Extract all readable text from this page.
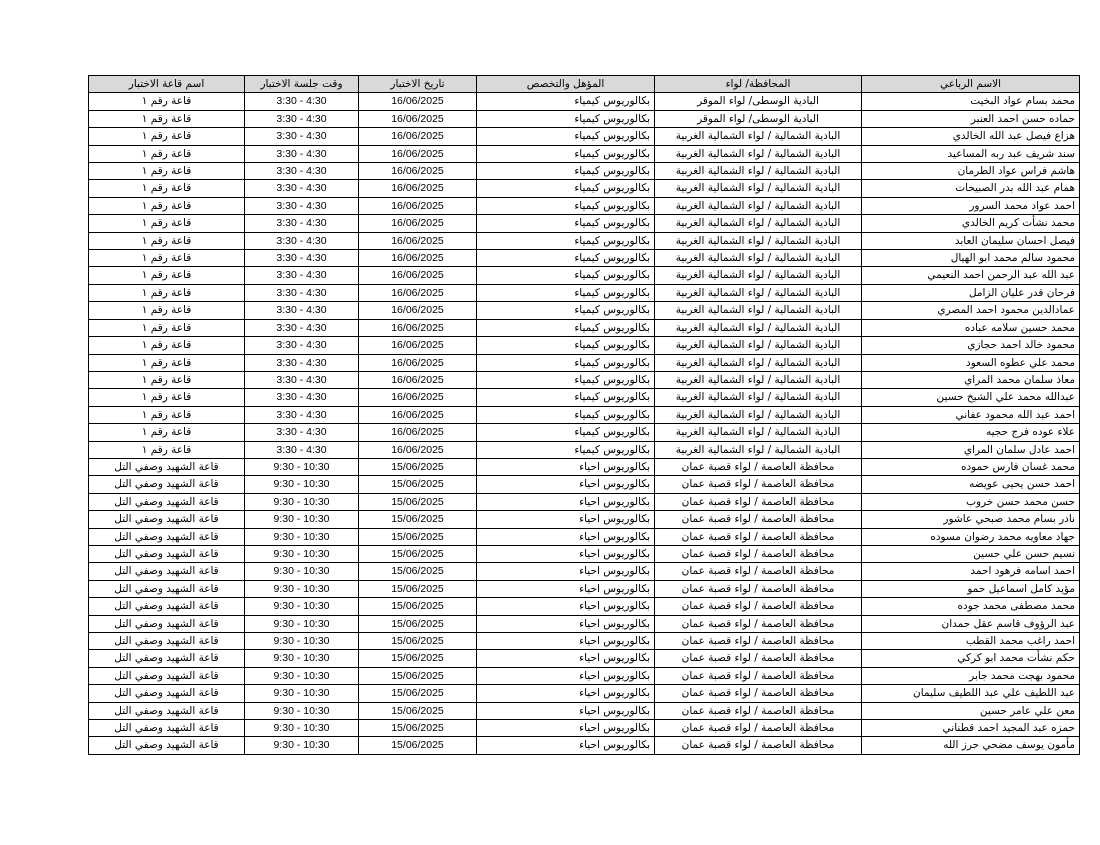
الاسم الرباعي	المحافظة/ لواء	المؤهل والتخصص	تاريخ الاختبار	وقت جلسة الاختبار	اسم قاعة الاختبار
محمد بسام عواد البخيت	البادية الوسطى/ لواء الموقر	بكالوريوس كيمياء	16/06/2025	3:30 - 4:30	قاعة رقم ١
حماده حسن احمد العنبر	البادية الوسطى/ لواء الموقر	بكالوريوس كيمياء	16/06/2025	3:30 - 4:30	قاعة رقم ١
هزاع فيصل عبد الله الخالدي	البادية الشمالية / لواء الشمالية الغربية	بكالوريوس كيمياء	16/06/2025	3:30 - 4:30	قاعة رقم ١
سند شريف عبد ربه المساعيد	البادية الشمالية / لواء الشمالية الغربية	بكالوريوس كيمياء	16/06/2025	3:30 - 4:30	قاعة رقم ١
هاشم فراس عواد الطرمان	البادية الشمالية / لواء الشمالية الغربية	بكالوريوس كيمياء	16/06/2025	3:30 - 4:30	قاعة رقم ١
همام عبد الله بدر الصبيحات	البادية الشمالية / لواء الشمالية الغربية	بكالوريوس كيمياء	16/06/2025	3:30 - 4:30	قاعة رقم ١
احمد عواد محمد السرور	البادية الشمالية / لواء الشمالية الغربية	بكالوريوس كيمياء	16/06/2025	3:30 - 4:30	قاعة رقم ١
محمد نشأت كريم الخالدي	البادية الشمالية / لواء الشمالية الغربية	بكالوريوس كيمياء	16/06/2025	3:30 - 4:30	قاعة رقم ١
فيصل احسان سليمان العابد	البادية الشمالية / لواء الشمالية الغربية	بكالوريوس كيمياء	16/06/2025	3:30 - 4:30	قاعة رقم ١
محمود سالم محمد ابو الهيال	البادية الشمالية / لواء الشمالية الغربية	بكالوريوس كيمياء	16/06/2025	3:30 - 4:30	قاعة رقم ١
عبد الله عبد الرحمن احمد النعيمي	البادية الشمالية / لواء الشمالية الغربية	بكالوريوس كيمياء	16/06/2025	3:30 - 4:30	قاعة رقم ١
فرحان قدر عليان الزامل	البادية الشمالية / لواء الشمالية الغربية	بكالوريوس كيمياء	16/06/2025	3:30 - 4:30	قاعة رقم ١
عمادالدين محمود احمد المصري	البادية الشمالية / لواء الشمالية الغربية	بكالوريوس كيمياء	16/06/2025	3:30 - 4:30	قاعة رقم ١
محمد حسين سلامه عباده	البادية الشمالية / لواء الشمالية الغربية	بكالوريوس كيمياء	16/06/2025	3:30 - 4:30	قاعة رقم ١
محمود خالد احمد حجازي	البادية الشمالية / لواء الشمالية الغربية	بكالوريوس كيمياء	16/06/2025	3:30 - 4:30	قاعة رقم ١
محمد علي عطوه السعود	البادية الشمالية / لواء الشمالية الغربية	بكالوريوس كيمياء	16/06/2025	3:30 - 4:30	قاعة رقم ١
معاذ سلمان محمد المراي	البادية الشمالية / لواء الشمالية الغربية	بكالوريوس كيمياء	16/06/2025	3:30 - 4:30	قاعة رقم ١
عبدالله محمد علي الشيخ حسين	البادية الشمالية / لواء الشمالية الغربية	بكالوريوس كيمياء	16/06/2025	3:30 - 4:30	قاعة رقم ١
احمد عبد الله محمود عفاني	البادية الشمالية / لواء الشمالية الغربية	بكالوريوس كيمياء	16/06/2025	3:30 - 4:30	قاعة رقم ١
علاء عوده فرج حجيه	البادية الشمالية / لواء الشمالية الغربية	بكالوريوس كيمياء	16/06/2025	3:30 - 4:30	قاعة رقم ١
احمد عادل سلمان المراي	البادية الشمالية / لواء الشمالية الغربية	بكالوريوس كيمياء	16/06/2025	3:30 - 4:30	قاعة رقم ١
محمد غسان فارس حموده	محافظة العاصمة / لواء قصبة عمان	بكالوريوس احياء	15/06/2025	9:30 - 10:30	قاعة الشهيد وصفي التل
احمد حسن يحيى عويضه	محافظة العاصمة / لواء قصبة عمان	بكالوريوس احياء	15/06/2025	9:30 - 10:30	قاعة الشهيد وصفي التل
حسن محمد حسن خروب	محافظة العاصمة / لواء قصبة عمان	بكالوريوس احياء	15/06/2025	9:30 - 10:30	قاعة الشهيد وصفي التل
نادر بسام محمد صبحي عاشور	محافظة العاصمة / لواء قصبة عمان	بكالوريوس احياء	15/06/2025	9:30 - 10:30	قاعة الشهيد وصفي التل
جهاد معاويه محمد رضوان مسوده	محافظة العاصمة / لواء قصبة عمان	بكالوريوس احياء	15/06/2025	9:30 - 10:30	قاعة الشهيد وصفي التل
نسيم حسن علي حسين	محافظة العاصمة / لواء قصبة عمان	بكالوريوس احياء	15/06/2025	9:30 - 10:30	قاعة الشهيد وصفي التل
احمد اسامه فرهود احمد	محافظة العاصمة / لواء قصبة عمان	بكالوريوس احياء	15/06/2025	9:30 - 10:30	قاعة الشهيد وصفي التل
مؤيد كامل اسماعيل حمو	محافظة العاصمة / لواء قصبة عمان	بكالوريوس احياء	15/06/2025	9:30 - 10:30	قاعة الشهيد وصفي التل
محمد مصطفى محمد جوده	محافظة العاصمة / لواء قصبة عمان	بكالوريوس احياء	15/06/2025	9:30 - 10:30	قاعة الشهيد وصفي التل
عبد الرؤوف قاسم عقل حمدان	محافظة العاصمة / لواء قصبة عمان	بكالوريوس احياء	15/06/2025	9:30 - 10:30	قاعة الشهيد وصفي التل
احمد راغب محمد القطب	محافظة العاصمة / لواء قصبة عمان	بكالوريوس احياء	15/06/2025	9:30 - 10:30	قاعة الشهيد وصفي التل
حكم نشأت محمد ابو كركي	محافظة العاصمة / لواء قصبة عمان	بكالوريوس احياء	15/06/2025	9:30 - 10:30	قاعة الشهيد وصفي التل
محمود بهجت محمد جابر	محافظة العاصمة / لواء قصبة عمان	بكالوريوس احياء	15/06/2025	9:30 - 10:30	قاعة الشهيد وصفي التل
عبد اللطيف علي عبد اللطيف سليمان	محافظة العاصمة / لواء قصبة عمان	بكالوريوس احياء	15/06/2025	9:30 - 10:30	قاعة الشهيد وصفي التل
معن علي عامر حسين	محافظة العاصمة / لواء قصبة عمان	بكالوريوس احياء	15/06/2025	9:30 - 10:30	قاعة الشهيد وصفي التل
حمزه عبد المجيد احمد قطناني	محافظة العاصمة / لواء قصبة عمان	بكالوريوس احياء	15/06/2025	9:30 - 10:30	قاعة الشهيد وصفي التل
مأمون يوسف مضحي حرز الله	محافظة العاصمة / لواء قصبة عمان	بكالوريوس احياء	15/06/2025	9:30 - 10:30	قاعة الشهيد وصفي التل
